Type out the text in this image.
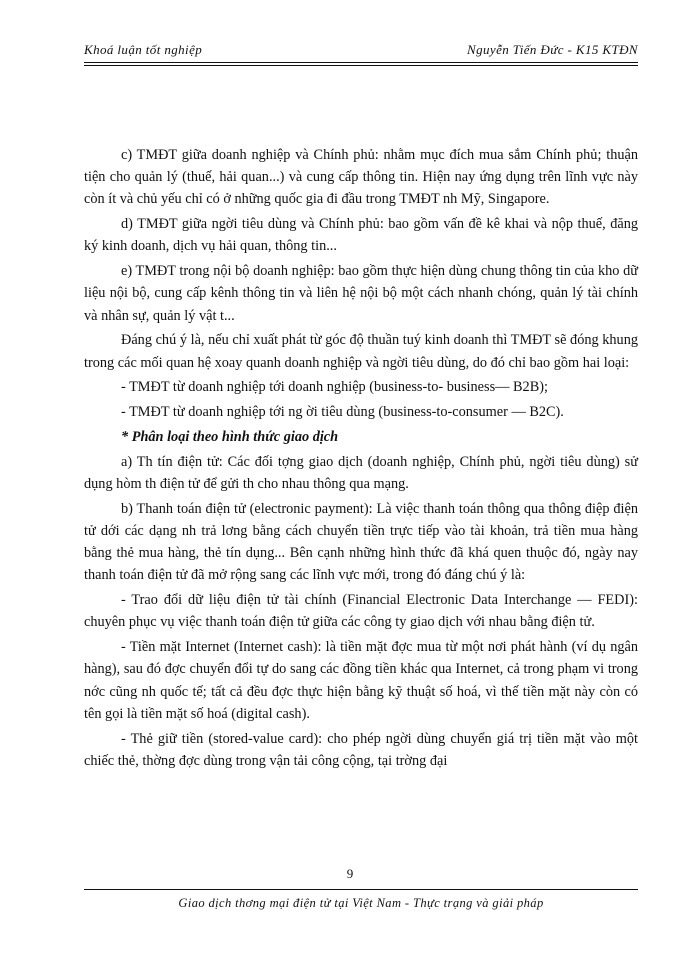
Khoá luận tốt nghiệp	Nguyễn Tiến Đức - K15 KTĐN

c) TMĐT giữa doanh nghiệp và Chính phủ: nhằm mục đích mua sắm Chính phủ; thuận tiện cho quản lý (thuế, hải quan...) và cung cấp thông tin. Hiện nay ứng dụng trên lĩnh vực này còn ít và chủ yếu chỉ có ở những quốc gia đi đầu trong TMĐT nh Mỹ, Singapore.

d) TMĐT giữa ngời tiêu dùng và Chính phủ: bao gồm vấn đề kê khai và nộp thuế, đăng ký kinh doanh, dịch vụ hải quan, thông tin...

e) TMĐT trong nội bộ doanh nghiệp: bao gồm thực hiện dùng chung thông tin của kho dữ liệu nội bộ, cung cấp kênh thông tin và liên hệ nội bộ một cách nhanh chóng, quản lý tài chính và nhân sự, quản lý vật t...

Đáng chú ý là, nếu chỉ xuất phát từ góc độ thuần tuý kinh doanh thì TMĐT sẽ đóng khung trong các mối quan hệ xoay quanh doanh nghiệp và ngời tiêu dùng, do đó chỉ bao gồm hai loại:

- TMĐT từ doanh nghiệp tới doanh nghiệp (business-to- business— B2B);

- TMĐT từ doanh nghiệp tới ng ời tiêu dùng (business-to-consumer — B2C).

* Phân loại theo hình thức giao dịch

a) Th tín điện tử: Các đối tợng giao dịch (doanh nghiệp, Chính phủ, ngời tiêu dùng) sử dụng hòm th điện tử để gửi th cho nhau thông qua mạng.

b) Thanh toán điện tử (electronic payment): Là việc thanh toán thông qua thông điệp điện tử dới các dạng nh trả lơng bằng cách chuyển tiền trực tiếp vào tài khoản, trả tiền mua hàng bằng thẻ mua hàng, thẻ tín dụng... Bên cạnh những hình thức đã khá quen thuộc đó, ngày nay thanh toán điện tử đã mở rộng sang các lĩnh vực mới, trong đó đáng chú ý là:

- Trao đổi dữ liệu điện tử tài chính (Financial Electronic Data Interchange — FEDI): chuyên phục vụ việc thanh toán điện tử giữa các công ty giao dịch với nhau bằng điện tử.

- Tiền mặt Internet (Internet cash): là tiền mặt đợc mua từ một nơi phát hành (ví dụ ngân hàng), sau đó đợc chuyển đổi tự do sang các đồng tiền khác qua Internet, cả trong phạm vi trong nớc cũng nh quốc tế; tất cả đều đợc thực hiện bằng kỹ thuật số hoá, vì thế tiền mặt này còn có tên gọi là tiền mặt số hoá (digital cash).

- Thẻ giữ tiền (stored-value card): cho phép ngời dùng chuyển giá trị tiền mặt vào một chiếc thẻ, thờng đợc dùng trong vận tải công cộng, tại trờng đại

9
Giao dịch thơng mại điện tử tại Việt Nam - Thực trạng và giải pháp
